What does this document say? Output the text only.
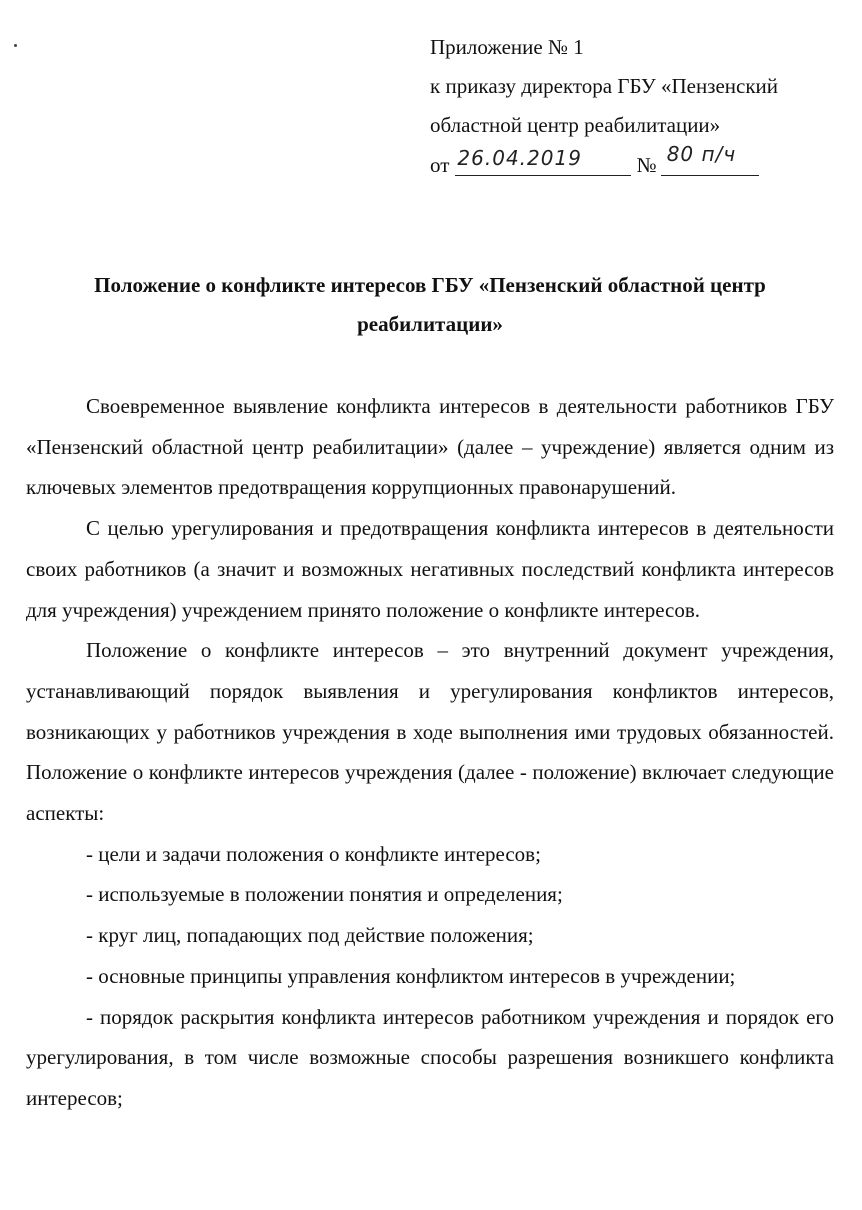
Приложение № 1
к приказу директора ГБУ «Пензенский
областной центр реабилитации»
от 26.04.2019	№ 80 п/ч
Положение о конфликте интересов ГБУ «Пензенский областной центр реабилитации»

Своевременное выявление конфликта интересов в деятельности работников ГБУ «Пензенский областной центр реабилитации» (далее – учреждение) является одним из ключевых элементов предотвращения коррупционных правонарушений.

С целью урегулирования и предотвращения конфликта интересов в деятельности своих работников (а значит и возможных негативных последствий конфликта интересов для учреждения) учреждением принято положение о конфликте интересов.

Положение о конфликте интересов – это внутренний документ учреждения, устанавливающий порядок выявления и урегулирования конфликтов интересов, возникающих у работников учреждения в ходе выполнения ими трудовых обязанностей. Положение о конфликте интересов учреждения (далее - положение) включает следующие аспекты:

- цели и задачи положения о конфликте интересов;
- используемые в положении понятия и определения;
- круг лиц, попадающих под действие положения;
- основные принципы управления конфликтом интересов в учреждении;
- порядок раскрытия конфликта интересов работником учреждения и порядок его урегулирования, в том числе возможные способы разрешения возникшего конфликта интересов;
